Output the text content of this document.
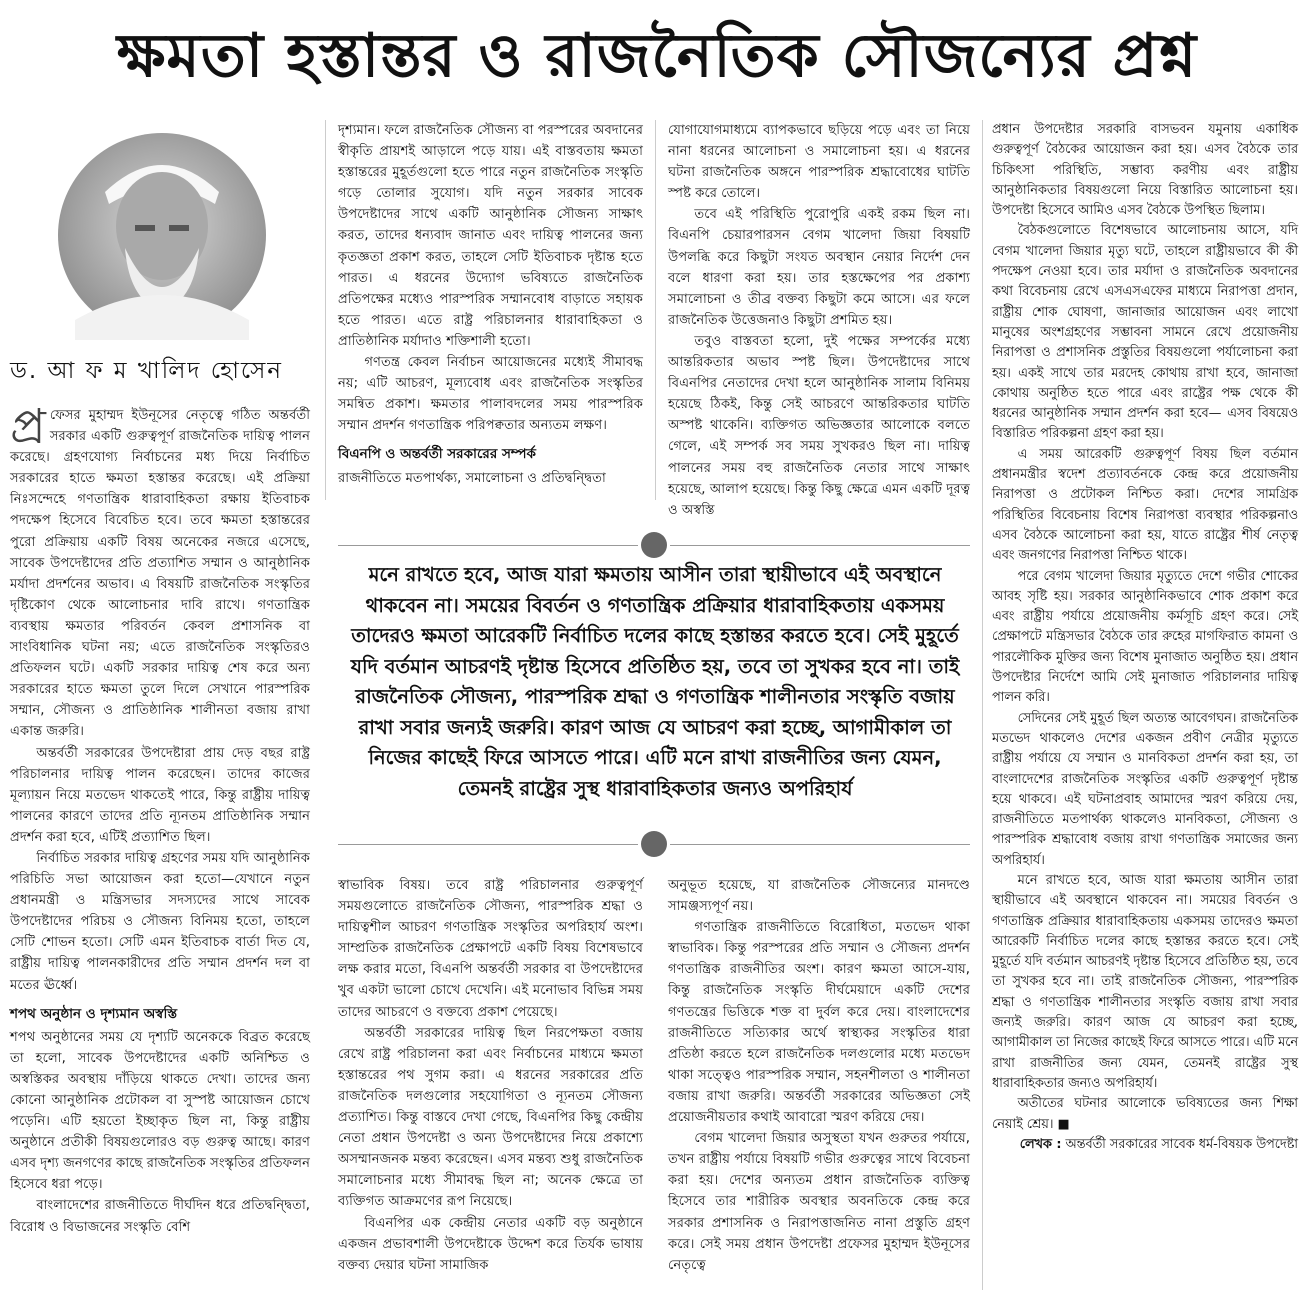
ক্ষমতা হস্তান্তর ও রাজনৈতিক সৌজন্যের প্রশ্ন
ড. আ ফ ম খালিদ হোসেন

প্র ফেসর মুহাম্মদ ইউনূসের নেতৃত্বে গঠিত অন্তর্বর্তী সরকার একটি গুরুত্বপূর্ণ রাজনৈতিক দায়িত্ব পালন করেছে। গ্রহণযোগ্য নির্বাচনের মধ্য দিয়ে নির্বাচিত সরকারের হাতে ক্ষমতা হস্তান্তর করেছে। এই প্রক্রিয়া নিঃসন্দেহে গণতান্ত্রিক ধারাবাহিকতা রক্ষায় ইতিবাচক পদক্ষেপ হিসেবে বিবেচিত হবে। তবে ক্ষমতা হস্তান্তরের পুরো প্রক্রিয়ায় একটি বিষয় অনেকের নজরে এসেছে, সাবেক উপদেষ্টাদের প্রতি প্রত্যাশিত সম্মান ও আনুষ্ঠানিক মর্যাদা প্রদর্শনের অভাব। এ বিষয়টি রাজনৈতিক সংস্কৃতির দৃষ্টিকোণ থেকে আলোচনার দাবি রাখে। গণতান্ত্রিক ব্যবস্থায় ক্ষমতার পরিবর্তন কেবল প্রশাসনিক বা সাংবিধানিক ঘটনা নয়; এতে রাজনৈতিক সংস্কৃতিরও প্রতিফলন ঘটে। একটি সরকার দায়িত্ব শেষ করে অন্য সরকারের হাতে ক্ষমতা তুলে দিলে সেখানে পারস্পরিক সম্মান, সৌজন্য ও প্রাতিষ্ঠানিক শালীনতা বজায় রাখা একান্ত জরুরি।

অন্তর্বর্তী সরকারের উপদেষ্টারা প্রায় দেড় বছর রাষ্ট্র পরিচালনার দায়িত্ব পালন করেছেন। তাদের কাজের মূল্যায়ন নিয়ে মতভেদ থাকতেই পারে, কিন্তু রাষ্ট্রীয় দায়িত্ব পালনের কারণে তাদের প্রতি ন্যূনতম প্রাতিষ্ঠানিক সম্মান প্রদর্শন করা হবে, এটিই প্রত্যাশিত ছিল।

নির্বাচিত সরকার দায়িত্ব গ্রহণের সময় যদি আনুষ্ঠানিক পরিচিতি সভা আয়োজন করা হতো—যেখানে নতুন প্রধানমন্ত্রী ও মন্ত্রিসভার সদস্যদের সাথে সাবেক উপদেষ্টাদের পরিচয় ও সৌজন্য বিনিময় হতো, তাহলে সেটি শোভন হতো। সেটি এমন ইতিবাচক বার্তা দিত যে, রাষ্ট্রীয় দায়িত্ব পালনকারীদের প্রতি সম্মান প্রদর্শন দল বা মতের ঊর্ধ্বে।

শপথ অনুষ্ঠান ও দৃশ্যমান অস্বস্তি

শপথ অনুষ্ঠানের সময় যে দৃশ্যটি অনেককে বিব্রত করেছে তা হলো, সাবেক উপদেষ্টাদের একটি অনিশ্চিত ও অস্বস্তিকর অবস্থায় দাঁড়িয়ে থাকতে দেখা। তাদের জন্য কোনো আনুষ্ঠানিক প্রটোকল বা সুস্পষ্ট আয়োজন চোখে পড়েনি। এটি হয়তো ইচ্ছাকৃত ছিল না, কিন্তু রাষ্ট্রীয় অনুষ্ঠানে প্রতীকী বিষয়গুলোরও বড় গুরুত্ব আছে। কারণ এসব দৃশ্য জনগণের কাছে রাজনৈতিক সংস্কৃতির প্রতিফলন হিসেবে ধরা পড়ে।

বাংলাদেশের রাজনীতিতে দীর্ঘদিন ধরে প্রতিদ্বন্দ্বিতা, বিরোধ ও বিভাজনের সংস্কৃতি বেশি

দৃশ্যমান। ফলে রাজনৈতিক সৌজন্য বা পরস্পরের অবদানের স্বীকৃতি প্রায়শই আড়ালে পড়ে যায়। এই বাস্তবতায় ক্ষমতা হস্তান্তরের মুহূর্তগুলো হতে পারে নতুন রাজনৈতিক সংস্কৃতি গড়ে তোলার সুযোগ। যদি নতুন সরকার সাবেক উপদেষ্টাদের সাথে একটি আনুষ্ঠানিক সৌজন্য সাক্ষাৎ করত, তাদের ধন্যবাদ জানাত এবং দায়িত্ব পালনের জন্য কৃতজ্ঞতা প্রকাশ করত, তাহলে সেটি ইতিবাচক দৃষ্টান্ত হতে পারত। এ ধরনের উদ্যোগ ভবিষ্যতে রাজনৈতিক প্রতিপক্ষের মধ্যেও পারস্পরিক সম্মানবোধ বাড়াতে সহায়ক হতে পারত। এতে রাষ্ট্র পরিচালনার ধারাবাহিকতা ও প্রাতিষ্ঠানিক মর্যাদাও শক্তিশালী হতো।

গণতন্ত্র কেবল নির্বাচন আয়োজনের মধ্যেই সীমাবদ্ধ নয়; এটি আচরণ, মূল্যবোধ এবং রাজনৈতিক সংস্কৃতির সমন্বিত প্রকাশ। ক্ষমতার পালাবদলের সময় পারস্পরিক সম্মান প্রদর্শন গণতান্ত্রিক পরিপক্বতার অন্যতম লক্ষণ।

বিএনপি ও অন্তর্বর্তী সরকারের সম্পর্ক

রাজনীতিতে মতপার্থক্য, সমালোচনা ও প্রতিদ্বন্দ্বিতা

যোগাযোগমাধ্যমে ব্যাপকভাবে ছড়িয়ে পড়ে এবং তা নিয়ে নানা ধরনের আলোচনা ও সমালোচনা হয়। এ ধরনের ঘটনা রাজনৈতিক অঙ্গনে পারস্পরিক শ্রদ্ধাবোধের ঘাটতি স্পষ্ট করে তোলে।

তবে এই পরিস্থিতি পুরোপুরি একই রকম ছিল না। বিএনপি চেয়ারপারসন বেগম খালেদা জিয়া বিষয়টি উপলব্ধি করে কিছুটা সংযত অবস্থান নেয়ার নির্দেশ দেন বলে ধারণা করা হয়। তার হস্তক্ষেপের পর প্রকাশ্য সমালোচনা ও তীব্র বক্তব্য কিছুটা কমে আসে। এর ফলে রাজনৈতিক উত্তেজনাও কিছুটা প্রশমিত হয়।

তবুও বাস্তবতা হলো, দুই পক্ষের সম্পর্কের মধ্যে আন্তরিকতার অভাব স্পষ্ট ছিল। উপদেষ্টাদের সাথে বিএনপির নেতাদের দেখা হলে আনুষ্ঠানিক সালাম বিনিময় হয়েছে ঠিকই, কিন্তু সেই আচরণে আন্তরিকতার ঘাটতি অস্পষ্ট থাকেনি। ব্যক্তিগত অভিজ্ঞতার আলোকে বলতে গেলে, এই সম্পর্ক সব সময় সুখকরও ছিল না। দায়িত্ব পালনের সময় বহু রাজনৈতিক নেতার সাথে সাক্ষাৎ হয়েছে, আলাপ হয়েছে। কিন্তু কিছু ক্ষেত্রে এমন একটি দূরত্ব ও অস্বস্তি

মনে রাখতে হবে, আজ যারা ক্ষমতায় আসীন তারা স্থায়ীভাবে এই অবস্থানে থাকবেন না। সময়ের বিবর্তন ও গণতান্ত্রিক প্রক্রিয়ার ধারাবাহিকতায় একসময় তাদেরও ক্ষমতা আরেকটি নির্বাচিত দলের কাছে হস্তান্তর করতে হবে। সেই মুহূর্তে যদি বর্তমান আচরণই দৃষ্টান্ত হিসেবে প্রতিষ্ঠিত হয়, তবে তা সুখকর হবে না। তাই রাজনৈতিক সৌজন্য, পারস্পরিক শ্রদ্ধা ও গণতান্ত্রিক শালীনতার সংস্কৃতি বজায় রাখা সবার জন্যই জরুরি। কারণ আজ যে আচরণ করা হচ্ছে, আগামীকাল তা নিজের কাছেই ফিরে আসতে পারে। এটি মনে রাখা রাজনীতির জন্য যেমন, তেমনই রাষ্ট্রের সুস্থ ধারাবাহিকতার জন্যও অপরিহার্য

স্বাভাবিক বিষয়। তবে রাষ্ট্র পরিচালনার গুরুত্বপূর্ণ সময়গুলোতে রাজনৈতিক সৌজন্য, পারস্পরিক শ্রদ্ধা ও দায়িত্বশীল আচরণ গণতান্ত্রিক সংস্কৃতির অপরিহার্য অংশ। সাম্প্রতিক রাজনৈতিক প্রেক্ষাপটে একটি বিষয় বিশেষভাবে লক্ষ করার মতো, বিএনপি অন্তর্বর্তী সরকার বা উপদেষ্টাদের খুব একটা ভালো চোখে দেখেনি। এই মনোভাব বিভিন্ন সময় তাদের আচরণে ও বক্তব্যে প্রকাশ পেয়েছে।

অন্তর্বর্তী সরকারের দায়িত্ব ছিল নিরপেক্ষতা বজায় রেখে রাষ্ট্র পরিচালনা করা এবং নির্বাচনের মাধ্যমে ক্ষমতা হস্তান্তরের পথ সুগম করা। এ ধরনের সরকারের প্রতি রাজনৈতিক দলগুলোর সহযোগিতা ও ন্যূনতম সৌজন্য প্রত্যাশিত। কিন্তু বাস্তবে দেখা গেছে, বিএনপির কিছু কেন্দ্রীয় নেতা প্রধান উপদেষ্টা ও অন্য উপদেষ্টাদের নিয়ে প্রকাশ্যে অসম্মানজনক মন্তব্য করেছেন। এসব মন্তব্য শুধু রাজনৈতিক সমালোচনার মধ্যে সীমাবদ্ধ ছিল না; অনেক ক্ষেত্রে তা ব্যক্তিগত আক্রমণের রূপ নিয়েছে।

বিএনপির এক কেন্দ্রীয় নেতার একটি বড় অনুষ্ঠানে একজন প্রভাবশালী উপদেষ্টাকে উদ্দেশ করে তির্যক ভাষায় বক্তব্য দেয়ার ঘটনা সামাজিক

অনুভূত হয়েছে, যা রাজনৈতিক সৌজন্যের মানদণ্ডে সামঞ্জস্যপূর্ণ নয়।

গণতান্ত্রিক রাজনীতিতে বিরোধিতা, মতভেদ থাকা স্বাভাবিক। কিন্তু পরস্পরের প্রতি সম্মান ও সৌজন্য প্রদর্শন গণতান্ত্রিক রাজনীতির অংশ। কারণ ক্ষমতা আসে-যায়, কিন্তু রাজনৈতিক সংস্কৃতি দীর্ঘমেয়াদে একটি দেশের গণতন্ত্রের ভিত্তিকে শক্ত বা দুর্বল করে দেয়। বাংলাদেশের রাজনীতিতে সত্যিকার অর্থে স্বাস্থ্যকর সংস্কৃতির ধারা প্রতিষ্ঠা করতে হলে রাজনৈতিক দলগুলোর মধ্যে মতভেদ থাকা সত্ত্বেও পারস্পরিক সম্মান, সহনশীলতা ও শালীনতা বজায় রাখা জরুরি। অন্তর্বর্তী সরকারের অভিজ্ঞতা সেই প্রয়োজনীয়তার কথাই আবারো স্মরণ করিয়ে দেয়।

বেগম খালেদা জিয়ার অসুস্থতা যখন গুরুতর পর্যায়ে, তখন রাষ্ট্রীয় পর্যায়ে বিষয়টি গভীর গুরুত্বের সাথে বিবেচনা করা হয়। দেশের অন্যতম প্রধান রাজনৈতিক ব্যক্তিত্ব হিসেবে তার শারীরিক অবস্থার অবনতিকে কেন্দ্র করে সরকার প্রশাসনিক ও নিরাপত্তাজনিত নানা প্রস্তুতি গ্রহণ করে। সেই সময় প্রধান উপদেষ্টা প্রফেসর মুহাম্মদ ইউনূসের নেতৃত্বে

প্রধান উপদেষ্টার সরকারি বাসভবন যমুনায় একাধিক গুরুত্বপূর্ণ বৈঠকের আয়োজন করা হয়। এসব বৈঠকে তার চিকিৎসা পরিস্থিতি, সম্ভাব্য করণীয় এবং রাষ্ট্রীয় আনুষ্ঠানিকতার বিষয়গুলো নিয়ে বিস্তারিত আলোচনা হয়। উপদেষ্টা হিসেবে আমিও এসব বৈঠকে উপস্থিত ছিলাম।

বৈঠকগুলোতে বিশেষভাবে আলোচনায় আসে, যদি বেগম খালেদা জিয়ার মৃত্যু ঘটে, তাহলে রাষ্ট্রীয়ভাবে কী কী পদক্ষেপ নেওয়া হবে। তার মর্যাদা ও রাজনৈতিক অবদানের কথা বিবেচনায় রেখে এসএসএফের মাধ্যমে নিরাপত্তা প্রদান, রাষ্ট্রীয় শোক ঘোষণা, জানাজার আয়োজন এবং লাখো মানুষের অংশগ্রহণের সম্ভাবনা সামনে রেখে প্রয়োজনীয় নিরাপত্তা ও প্রশাসনিক প্রস্তুতির বিষয়গুলো পর্যালোচনা করা হয়। একই সাথে তার মরদেহ কোথায় রাখা হবে, জানাজা কোথায় অনুষ্ঠিত হতে পারে এবং রাষ্ট্রের পক্ষ থেকে কী ধরনের আনুষ্ঠানিক সম্মান প্রদর্শন করা হবে— এসব বিষয়েও বিস্তারিত পরিকল্পনা গ্রহণ করা হয়।

এ সময় আরেকটি গুরুত্বপূর্ণ বিষয় ছিল বর্তমান প্রধানমন্ত্রীর স্বদেশ প্রত্যাবর্তনকে কেন্দ্র করে প্রয়োজনীয় নিরাপত্তা ও প্রটোকল নিশ্চিত করা। দেশের সামগ্রিক পরিস্থিতির বিবেচনায় বিশেষ নিরাপত্তা ব্যবস্থার পরিকল্পনাও এসব বৈঠকে আলোচনা করা হয়, যাতে রাষ্ট্রের শীর্ষ নেতৃত্ব এবং জনগণের নিরাপত্তা নিশ্চিত থাকে।

পরে বেগম খালেদা জিয়ার মৃত্যুতে দেশে গভীর শোকের আবহ সৃষ্টি হয়। সরকার আনুষ্ঠানিকভাবে শোক প্রকাশ করে এবং রাষ্ট্রীয় পর্যায়ে প্রয়োজনীয় কর্মসূচি গ্রহণ করে। সেই প্রেক্ষাপটে মন্ত্রিসভার বৈঠকে তার রুহের মাগফিরাত কামনা ও পারলৌকিক মুক্তির জন্য বিশেষ মুনাজাত অনুষ্ঠিত হয়। প্রধান উপদেষ্টার নির্দেশে আমি সেই মুনাজাত পরিচালনার দায়িত্ব পালন করি।

সেদিনের সেই মুহূর্ত ছিল অত্যন্ত আবেগঘন। রাজনৈতিক মতভেদ থাকলেও দেশের একজন প্রবীণ নেত্রীর মৃত্যুতে রাষ্ট্রীয় পর্যায়ে যে সম্মান ও মানবিকতা প্রদর্শন করা হয়, তা বাংলাদেশের রাজনৈতিক সংস্কৃতির একটি গুরুত্বপূর্ণ দৃষ্টান্ত হয়ে থাকবে। এই ঘটনাপ্রবাহ আমাদের স্মরণ করিয়ে দেয়, রাজনীতিতে মতপার্থক্য থাকলেও মানবিকতা, সৌজন্য ও পারস্পরিক শ্রদ্ধাবোধ বজায় রাখা গণতান্ত্রিক সমাজের জন্য অপরিহার্য।

মনে রাখতে হবে, আজ যারা ক্ষমতায় আসীন তারা স্থায়ীভাবে এই অবস্থানে থাকবেন না। সময়ের বিবর্তন ও গণতান্ত্রিক প্রক্রিয়ার ধারাবাহিকতায় একসময় তাদেরও ক্ষমতা আরেকটি নির্বাচিত দলের কাছে হস্তান্তর করতে হবে। সেই মুহূর্তে যদি বর্তমান আচরণই দৃষ্টান্ত হিসেবে প্রতিষ্ঠিত হয়, তবে তা সুখকর হবে না। তাই রাজনৈতিক সৌজন্য, পারস্পরিক শ্রদ্ধা ও গণতান্ত্রিক শালীনতার সংস্কৃতি বজায় রাখা সবার জন্যই জরুরি। কারণ আজ যে আচরণ করা হচ্ছে, আগামীকাল তা নিজের কাছেই ফিরে আসতে পারে। এটি মনে রাখা রাজনীতির জন্য যেমন, তেমনই রাষ্ট্রের সুস্থ ধারাবাহিকতার জন্যও অপরিহার্য।

অতীতের ঘটনার আলোকে ভবিষ্যতের জন্য শিক্ষা নেয়াই শ্রেয়। ■

লেখক : অন্তর্বর্তী সরকারের সাবেক ধর্ম-বিষয়ক উপদেষ্টা
